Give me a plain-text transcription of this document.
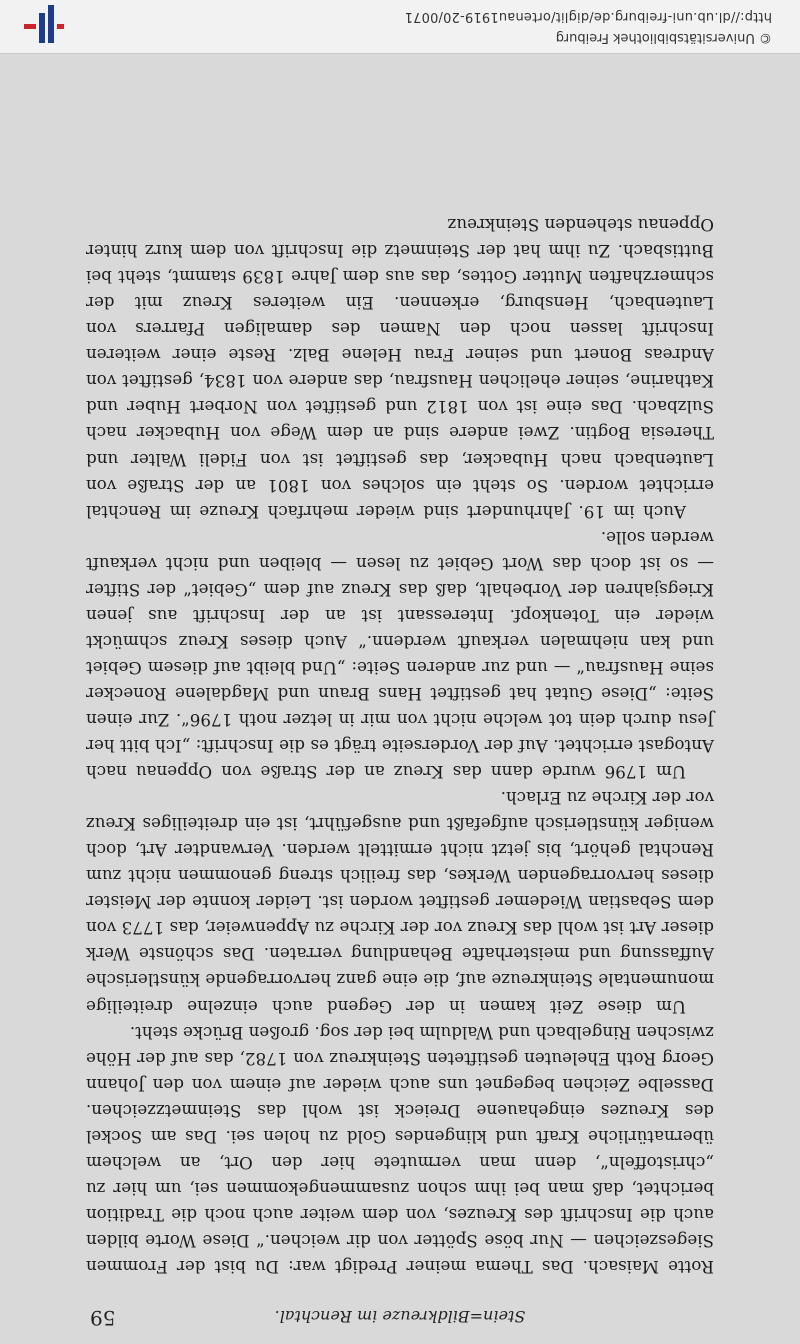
Stein=Bildkreuze im Renchtal.
59

Rotte Maisach. Das Thema meiner Predigt war: Du bist der Frommen Siegeszeichen — Nur böse Spötter von dir weichen.“ Diese Worte bilden auch die Inschrift des Kreuzes, von dem weiter auch noch die Tradition berichtet, daß man bei ihm schon zusammengekommen sei, um hier zu „christoffeln“, denn man vermutete hier den Ort, an welchem übernatürliche Kraft und klingendes Gold zu holen sei. Das am Sockel des Kreuzes eingehauene Dreieck ist wohl das Steinmetzzeichen. Dasselbe Zeichen begegnet uns auch wieder auf einem von den Johann Georg Roth Eheleuten gestifteten Steinkreuz von 1782, das auf der Höhe zwischen Ringelbach und Waldulm bei der sog. großen Brücke steht.

Um diese Zeit kamen in der Gegend auch einzelne dreiteilige monumentale Steinkreuze auf, die eine ganz hervorragende künstlerische Auffassung und meisterhafte Behandlung verraten. Das schönste Werk dieser Art ist wohl das Kreuz vor der Kirche zu Appenweier, das 1773 von dem Sebastian Wiedemer gestiftet worden ist. Leider konnte der Meister dieses hervorragenden Werkes, das freilich streng genommen nicht zum Renchtal gehört, bis jetzt nicht ermittelt werden. Verwandter Art, doch weniger künstlerisch aufgefaßt und ausgeführt, ist ein dreiteiliges Kreuz vor der Kirche zu Erlach.

Um 1796 wurde dann das Kreuz an der Straße von Oppenau nach Antogast errichtet. Auf der Vorderseite trägt es die Inschrift: „Ich bitt her Jesu durch dein tot welche nicht von mir in letzer noth 1796“. Zur einen Seite: „Diese Gutat hat gestiftet Hans Braun und Magdalene Ronecker seine Hausfrau“ — und zur anderen Seite: „Und bleibt auf diesem Gebiet und kan niehmalen verkauft werdenn.“ Auch dieses Kreuz schmückt wieder ein Totenkopf. Interessant ist an der Inschrift aus jenen Kriegsjahren der Vorbehalt, daß das Kreuz auf dem „Gebiet“ der Stifter — so ist doch das Wort Gebiet zu lesen — bleiben und nicht verkauft werden solle.

Auch im 19. Jahrhundert sind wieder mehrfach Kreuze im Renchtal errichtet worden. So steht ein solches von 1801 an der Straße von Lautenbach nach Hubacker, das gestiftet ist von Fideli Walter und Theresia Bogtin. Zwei andere sind an dem Wege von Hubacker nach Sulzbach. Das eine ist von 1812 und gestiftet von Norbert Huber und Katharine, seiner ehelichen Hausfrau, das andere von 1834, gestiftet von Andreas Bonert und seiner Frau Helene Balz. Reste einer weiteren Inschrift lassen noch den Namen des damaligen Pfarrers von Lautenbach, Hensburg, erkennen. Ein weiteres Kreuz mit der schmerzhaften Mutter Gottes, das aus dem Jahre 1839 stammt, steht bei Buttisbach. Zu ihm hat der Steinmetz die Inschrift von dem kurz hinter Oppenau stehenden Steinkreuz

© Universitätsbibliothek Freiburg
http://dl.ub.uni-freiburg.de/diglit/ortenau1919-20/0071
